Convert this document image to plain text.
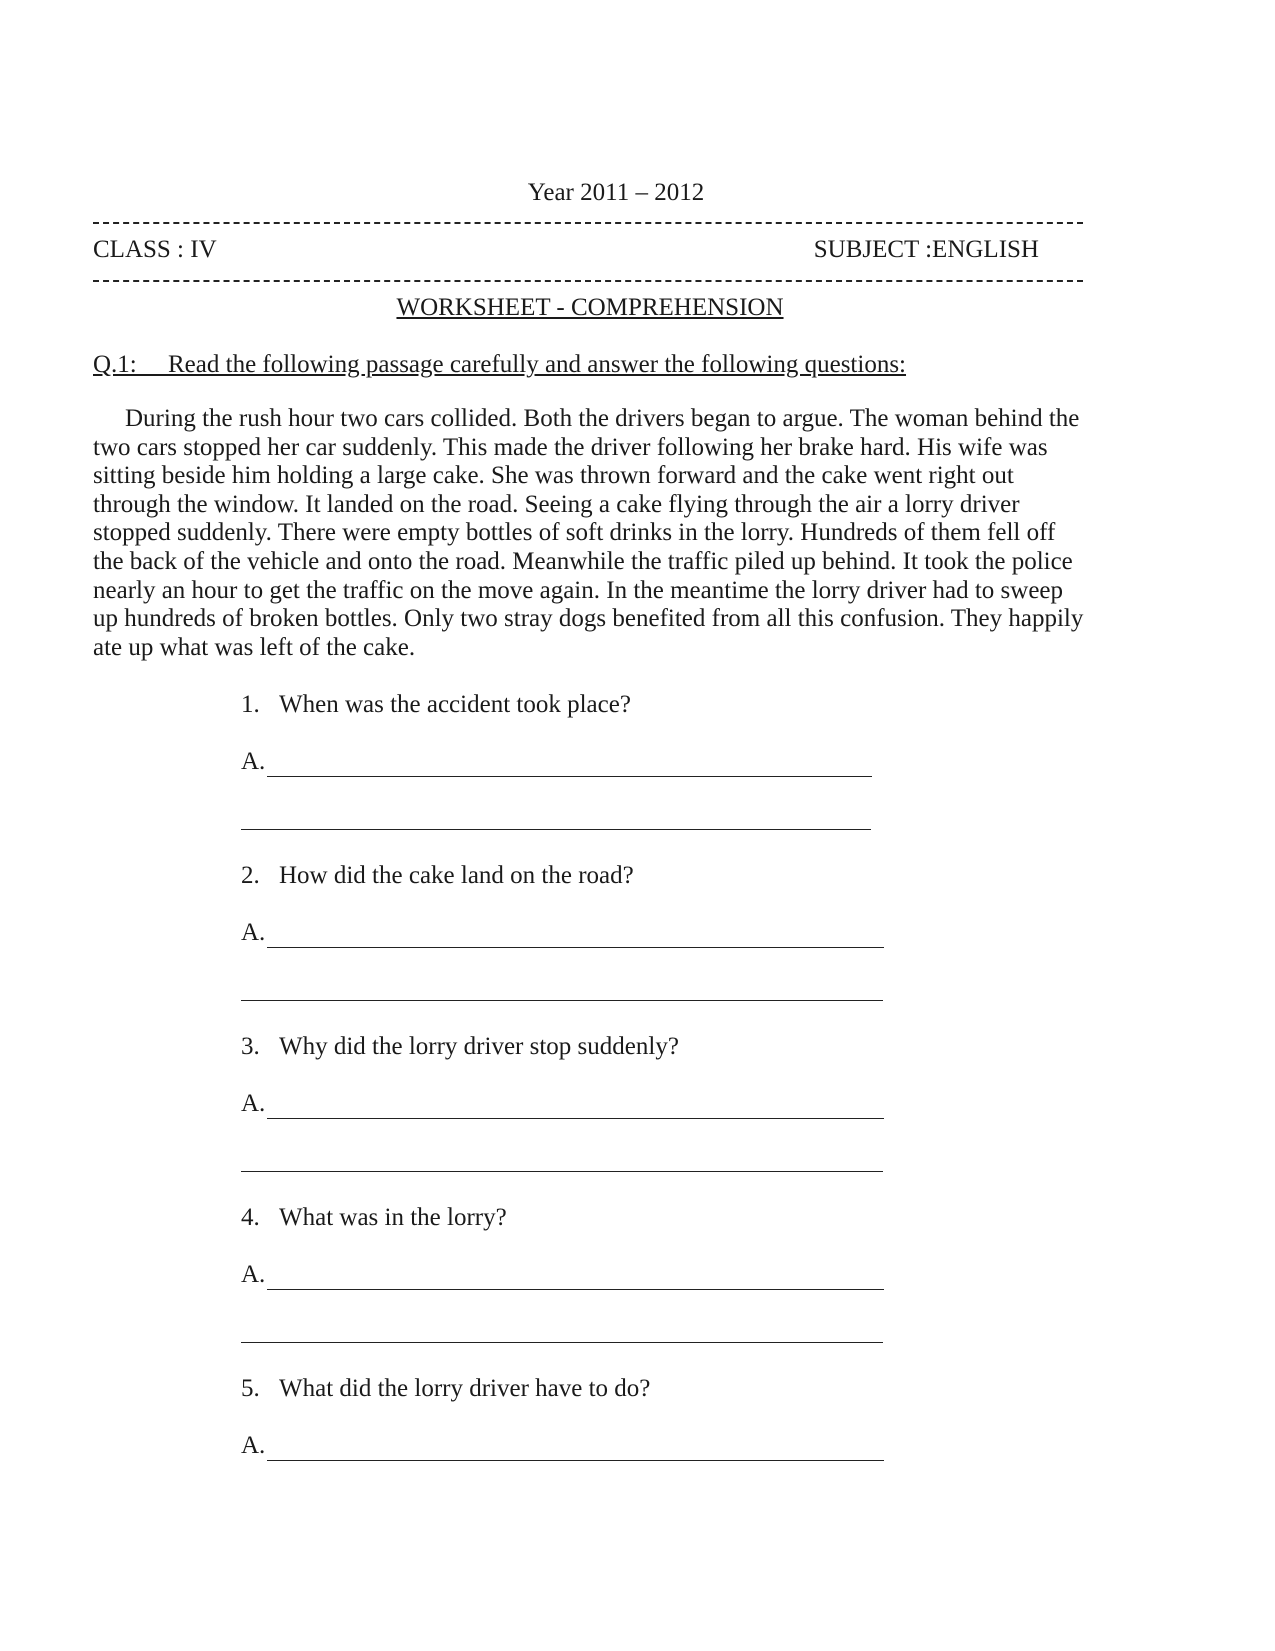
Year 2011 – 2012
CLASS : IV	SUBJECT :ENGLISH
WORKSHEET - COMPREHENSION
Q.1:     Read the following passage carefully and answer the following questions:
During the rush hour two cars collided. Both the drivers began to argue. The woman behind the two cars stopped her car suddenly. This made the driver following her brake hard. His wife was sitting beside him holding a large cake. She was thrown forward and the cake went right out through the window. It landed on the road. Seeing a cake flying through the air a lorry driver stopped suddenly. There were empty bottles of soft drinks in the lorry. Hundreds of them fell off the back of the vehicle and onto the road. Meanwhile the traffic piled up behind. It took the police nearly an hour to get the traffic on the move again. In the meantime the lorry driver had to sweep up hundreds of broken bottles. Only two stray dogs benefited from all this confusion. They happily ate up what was left of the cake.
1. When was the accident took place?
A.
2. How did the cake land on the road?
A.
3. Why did the lorry driver stop suddenly?
A.
4. What was in the lorry?
A.
5. What did the lorry driver have to do?
A.
